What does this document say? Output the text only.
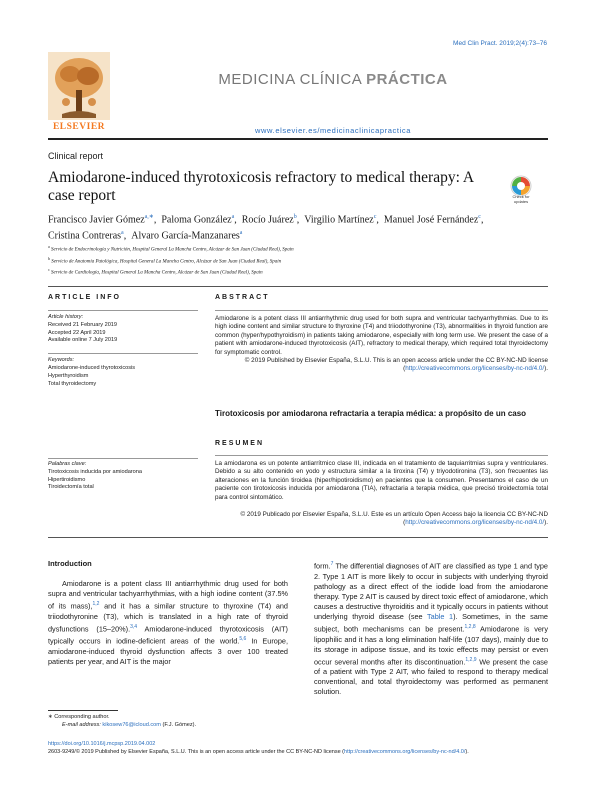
Med Clin Pract. 2019;2(4):73–76
ELSEVIER
MEDICINA CLÍNICA PRÁCTICA
www.elsevier.es/medicinaclinicapractica
Clinical report
Amiodarone-induced thyrotoxicosis refractory to medical therapy: A case report	Check for updates
Francisco Javier Gómez$^{a,∗}$, Paloma González$^a$, Rocío Juárez$^b$, Virgilio Martínez$^c$, Manuel José Fernández$^c$, Cristina Contreras$^a$, Alvaro García-Manzanares$^a$
$^a$ Servicio de Endocrinología y Nutrición, Hospital General La Mancha Centro, Alcázar de San Juan (Ciudad Real), Spain
$^b$ Servicio de Anatomía Patológica, Hospital General La Mancha Centro, Alcázar de San Juan (Ciudad Real), Spain
$^c$ Servicio de Cardiología, Hospital General La Mancha Centro, Alcázar de San Juan (Ciudad Real), Spain
ARTICLE INFO
Article history:
Received 21 February 2019
Accepted 22 April 2019
Available online 7 July 2019
Keywords:
Amiodarone-induced thyrotoxicosis
Hyperthyroidism
Total thyroidectomy
ABSTRACT
Amiodarone is a potent class III antiarrhythmic drug used for both supra and ventricular tachyarrhythmias. Due to its high iodine content and similar structure to thyroxine (T4) and triiodothyronine (T3), abnormalities in thyroid function are common (hyper/hypothyroidism) in patients taking amiodarone, especially with long term use. We present the case of a patient with amiodarone-induced thyrotoxicosis (AIT), refractory to medical therapy, which required total thyroidectomy for symptomatic control.
© 2019 Published by Elsevier España, S.L.U. This is an open access article under the CC BY-NC-ND license (http://creativecommons.org/licenses/by-nc-nd/4.0/).
Tirotoxicosis por amiodarona refractaria a terapia médica: a propósito de un caso
RESUMEN
La amiodarona es un potente antiarrítmico clase III, indicada en el tratamiento de taquiarritmias supra y ventriculares. Debido a su alto contenido en yodo y estructura similar a la tiroxina (T4) y triyodotironina (T3), son frecuentes las alteraciones en la función tiroidea (hiper/hipotiroidismo) en pacientes que la consumen. Presentamos el caso de un paciente con tirotoxicosis inducida por amiodarona (TIA), refractaria a terapia médica, que precisó tiroidectomía total para control sintomático.
© 2019 Publicado por Elsevier España, S.L.U. Este es un artículo Open Access bajo la licencia CC BY-NC-ND (http://creativecommons.org/licenses/by-nc-nd/4.0/).
Palabras clave:
Tirotoxicosis inducida por amiodarona
Hipertiroidismo
Tiroidectomía total
Introduction

Amiodarone is a potent class III antiarrhythmic drug used for both supra and ventricular tachyarrhythmias, with a high iodine content (37.5% of its mass),$^{1,2}$ and it has a similar structure to thyroxine (T4) and triiodothyronine (T3), which is translated in a high rate of thyroid dysfunctions (15–20%).$^{3,4}$ Amiodarone-induced thyrotoxicosis (AIT) typically occurs in iodine-deficient areas of the world.$^{5,6}$ In Europe, amiodarone-induced thyroid dysfunction affects 3 over 100 treated patients per year, and AIT is the major

form.$^7$ The differential diagnoses of AIT are classified as type 1 and type 2. Type 1 AIT is more likely to occur in subjects with underlying thyroid pathology as a direct effect of the iodide load from the amiodarone therapy. Type 2 AIT is caused by direct toxic effect of amiodarone, which causes a destructive thyroiditis and it typically occurs in patients without underlying thyroid disease (see Table 1). Sometimes, in the same subject, both mechanisms can be present.$^{1,2,8}$ Amiodarone is very lipophilic and it has a long elimination half-life (107 days), mainly due to its storage in adipose tissue, and its toxic effects may persist or even occur several months after its discontinuation.$^{1,2,9}$ We present the case of a patient with Type 2 AIT, who failed to respond to therapy medical conventional, and total thyroidectomy was performed as permanent solution.

∗ Corresponding author.
E-mail address: kikosew76@icloud.com (F.J. Gómez).
https://doi.org/10.1016/j.mcpsp.2019.04.002
2603-9249/© 2019 Published by Elsevier España, S.L.U. This is an open access article under the CC BY-NC-ND license (http://creativecommons.org/licenses/by-nc-nd/4.0/).
